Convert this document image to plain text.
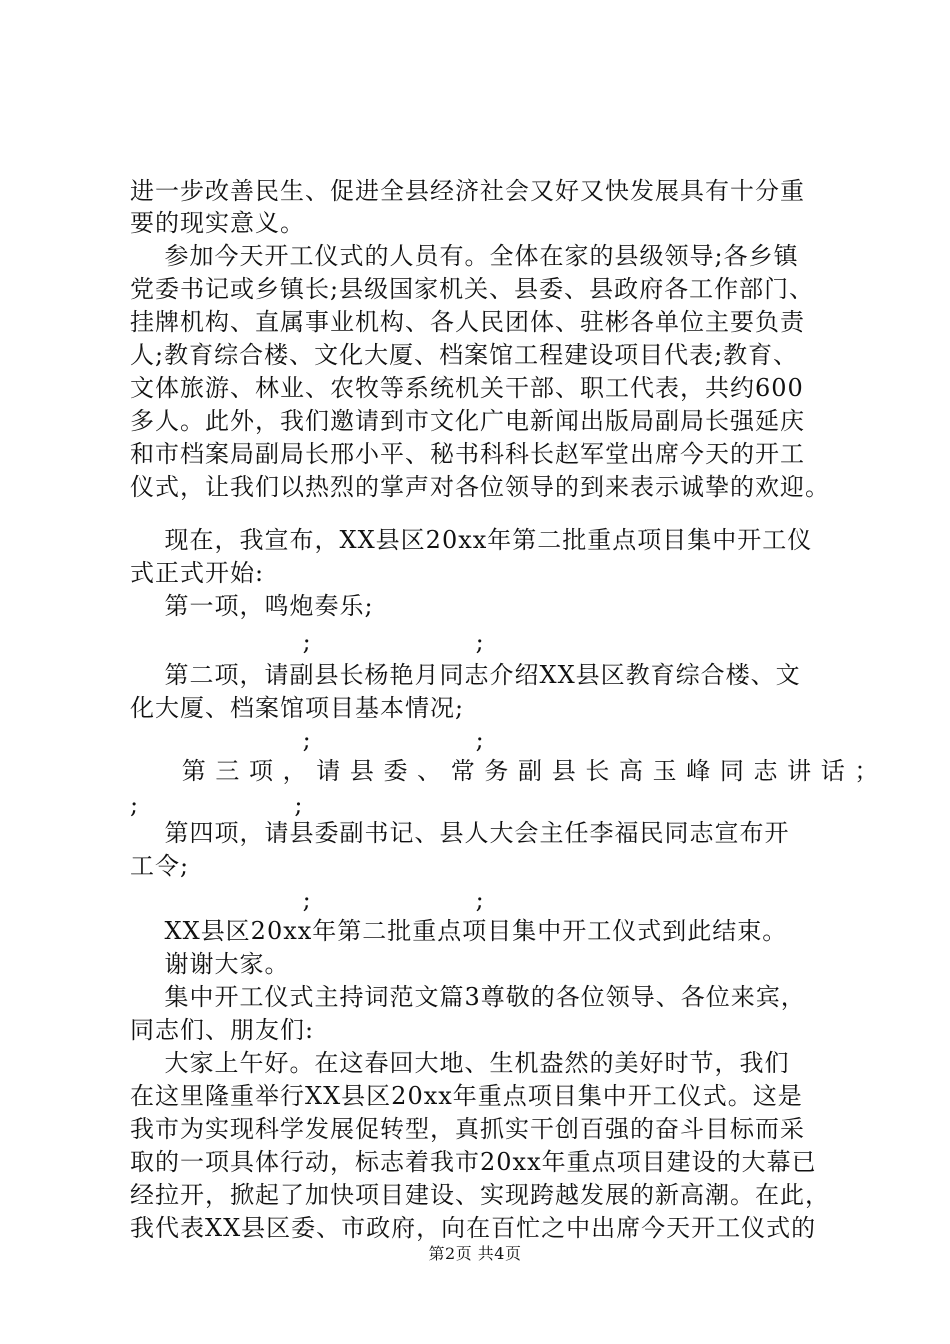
进一步改善民生、促进全县经济社会又好又快发展具有十分重
要的现实意义。
参加今天开工仪式的人员有。全体在家的县级领导;各乡镇
党委书记或乡镇长;县级国家机关、县委、县政府各工作部门、
挂牌机构、直属事业机构、各人民团体、驻彬各单位主要负责
人;教育综合楼、文化大厦、档案馆工程建设项目代表;教育、
文体旅游、林业、农牧等系统机关干部、职工代表，共约600
多人。此外，我们邀请到市文化广电新闻出版局副局长强延庆
和市档案局副局长邢小平、秘书科科长赵军堂出席今天的开工
仪式，让我们以热烈的掌声对各位领导的到来表示诚挚的欢迎。
现在，我宣布，XX县区20xx年第二批重点项目集中开工仪
式正式开始:
第一项，鸣炮奏乐;
;                   ;
第二项，请副县长杨艳月同志介绍XX县区教育综合楼、文
化大厦、档案馆项目基本情况;
;                   ;
第 三 项 ， 请 县 委 、 常 务 副 县 长 高 玉 峰 同 志 讲 话 ；
;                  ;
第四项，请县委副书记、县人大会主任李福民同志宣布开
工令;
;                   ;
XX县区20xx年第二批重点项目集中开工仪式到此结束。
谢谢大家。
集中开工仪式主持词范文篇3尊敬的各位领导、各位来宾，
同志们、朋友们:
大家上午好。在这春回大地、生机盎然的美好时节，我们
在这里隆重举行XX县区20xx年重点项目集中开工仪式。这是
我市为实现科学发展促转型，真抓实干创百强的奋斗目标而采
取的一项具体行动，标志着我市20xx年重点项目建设的大幕已
经拉开，掀起了加快项目建设、实现跨越发展的新高潮。在此，
我代表XX县区委、市政府，向在百忙之中出席今天开工仪式的
第2页 共4页
